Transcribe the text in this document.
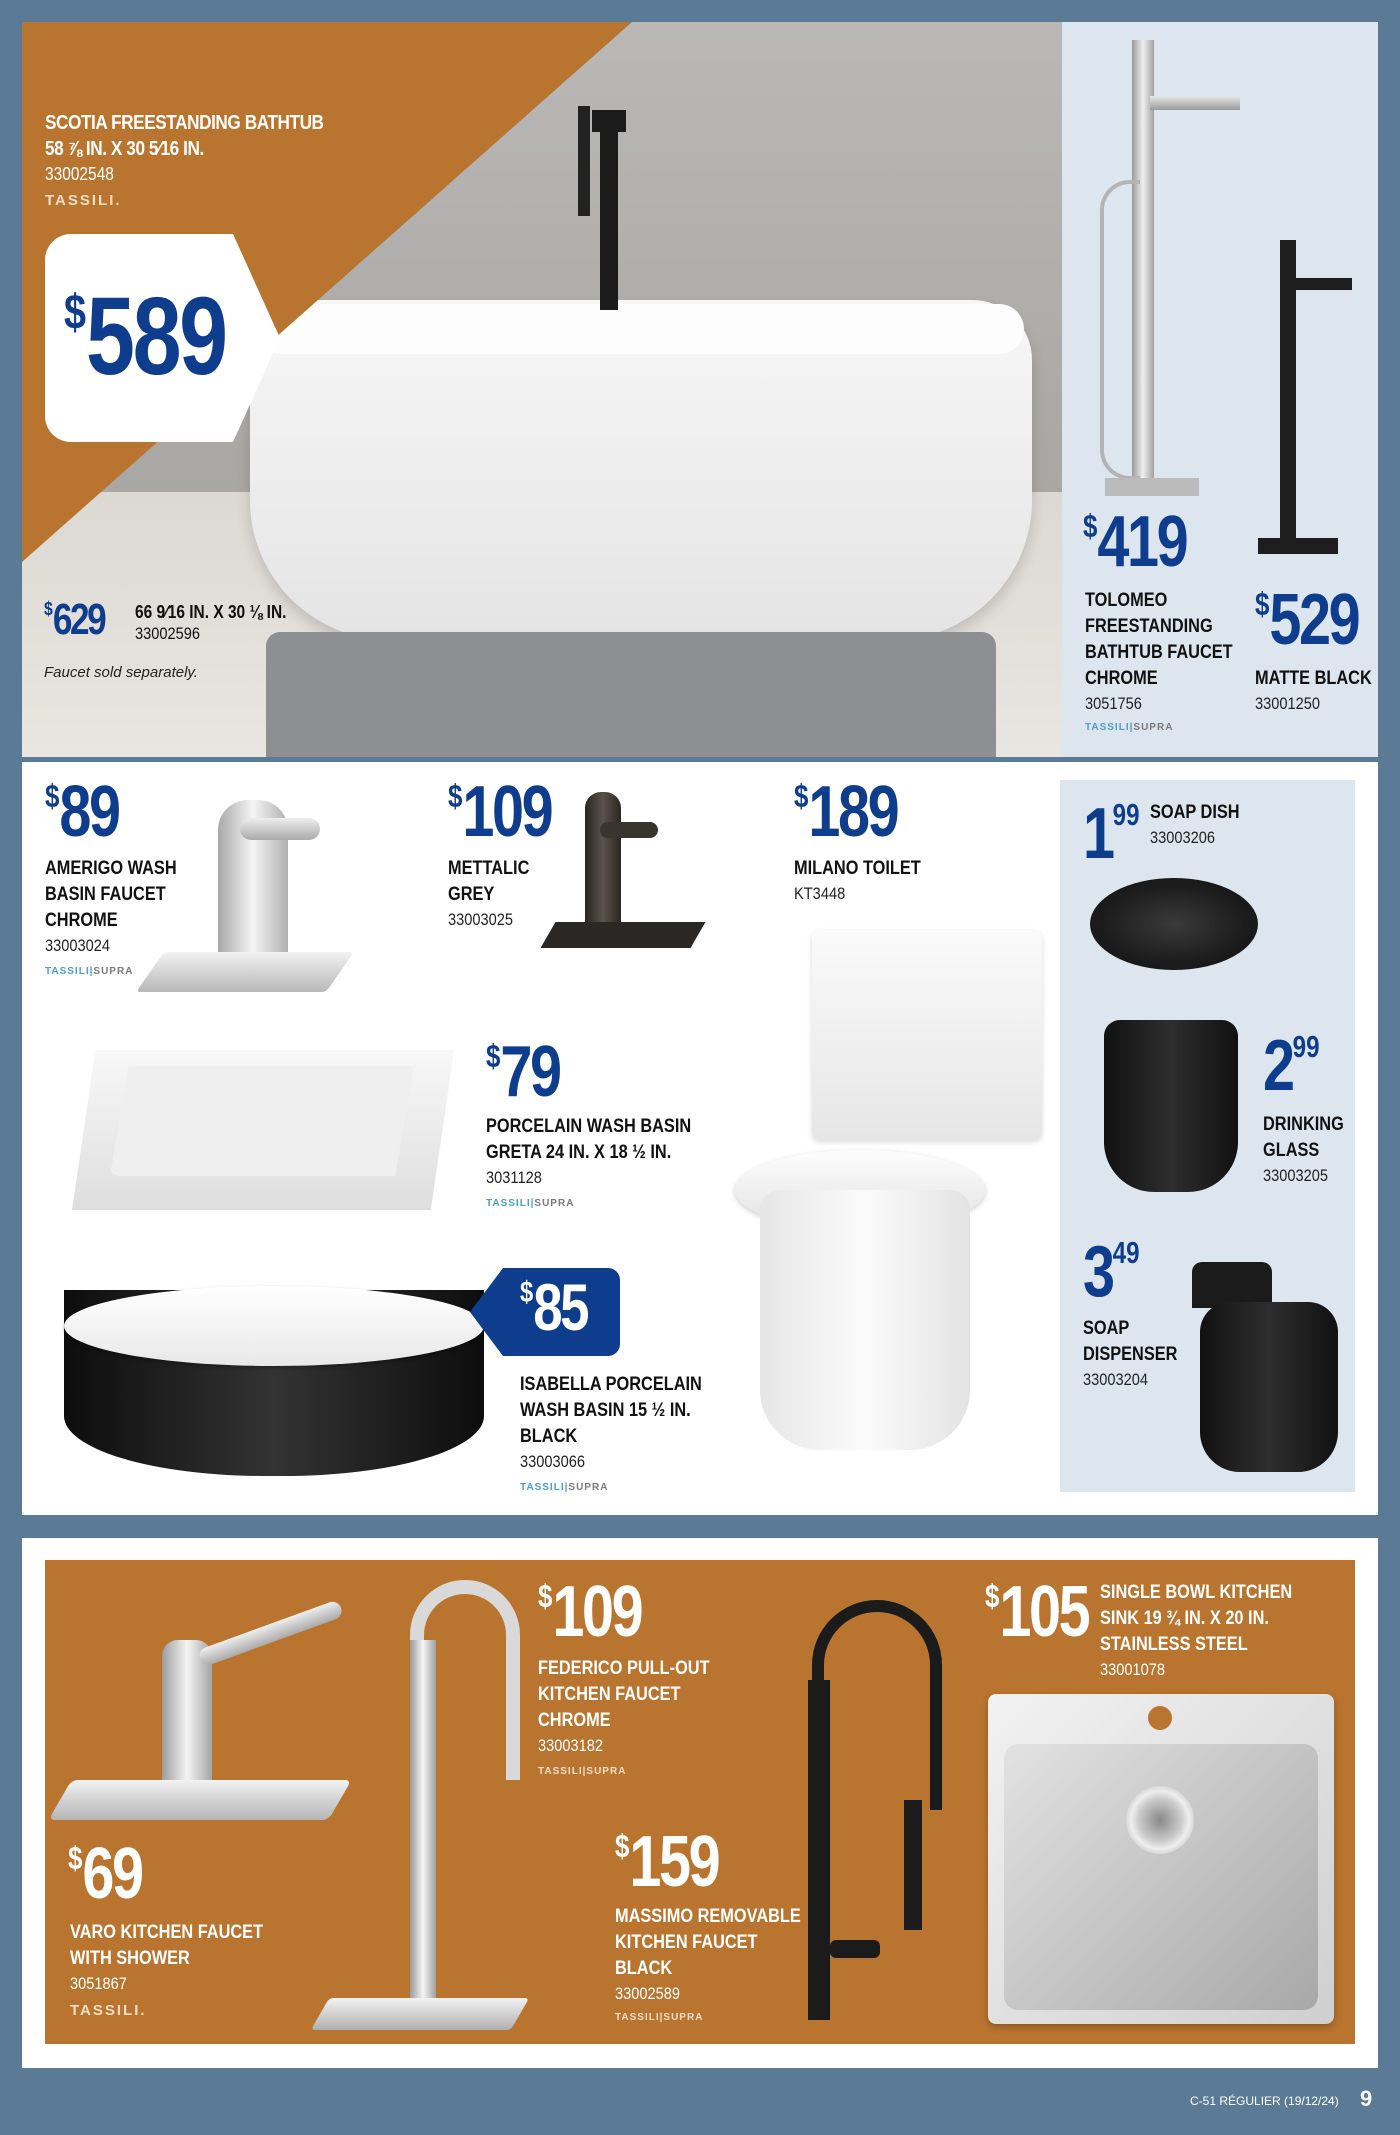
SCOTIA FREESTANDING BATHTUB
58 ⅞ IN. X 30 5⁄16 IN.
33002548
TASSILI.
$589
$629 66 9⁄16 IN. X 30 ⅛ IN.
33002596
Faucet sold separately.
$419
TOLOMEO
FREESTANDING
BATHTUB FAUCET
CHROME
3051756
TASSILI|SUPRA
$529
MATTE BLACK
33001250
$89
AMERIGO WASH
BASIN FAUCET
CHROME
33003024
TASSILI|SUPRA
$109
METTALIC
GREY
33003025
$189
MILANO TOILET
KT3448
$79
PORCELAIN WASH BASIN
GRETA 24 IN. X 18 ½ IN.
3031128
TASSILI|SUPRA
$85
ISABELLA PORCELAIN
WASH BASIN 15 ½ IN.
BLACK
33003066
TASSILI|SUPRA
$1^{99}$ SOAP DISH
33003206
$2^{99}$
DRINKING
GLASS
33003205
$3^{49}$
SOAP
DISPENSER
33003204
$69
VARO KITCHEN FAUCET
WITH SHOWER
3051867
TASSILI.
$109
FEDERICO PULL-OUT
KITCHEN FAUCET
CHROME
33003182
TASSILI|SUPRA
$159
MASSIMO REMOVABLE
KITCHEN FAUCET
BLACK
33002589
TASSILI|SUPRA
$105 SINGLE BOWL KITCHEN
SINK 19 ¾ IN. X 20 IN.
STAINLESS STEEL
33001078
C-51 RÉGULIER (19/12/24) 9
